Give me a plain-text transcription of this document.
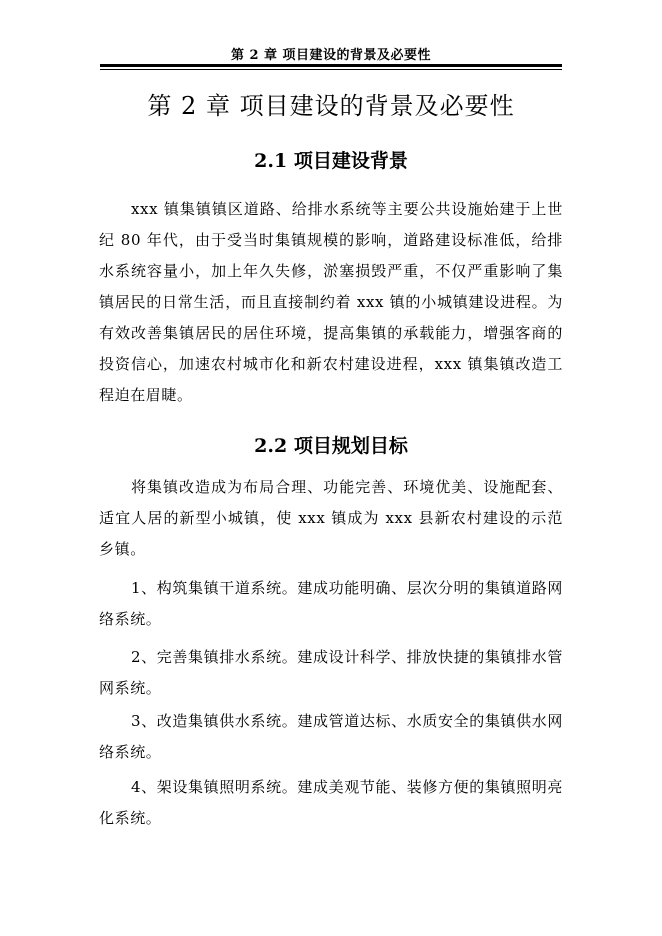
第 2 章 项目建设的背景及必要性
第 2 章 项目建设的背景及必要性
2.1 项目建设背景

xxx 镇集镇镇区道路、给排水系统等主要公共设施始建于上世纪 80 年代，由于受当时集镇规模的影响，道路建设标准低，给排水系统容量小，加上年久失修，淤塞损毁严重，不仅严重影响了集镇居民的日常生活，而且直接制约着 xxx 镇的小城镇建设进程。为有效改善集镇居民的居住环境，提高集镇的承载能力，增强客商的投资信心，加速农村城市化和新农村建设进程，xxx 镇集镇改造工程迫在眉睫。

2.2 项目规划目标

将集镇改造成为布局合理、功能完善、环境优美、设施配套、适宜人居的新型小城镇，使 xxx 镇成为 xxx 县新农村建设的示范乡镇。

1、构筑集镇干道系统。建成功能明确、层次分明的集镇道路网络系统。

2、完善集镇排水系统。建成设计科学、排放快捷的集镇排水管网系统。

3、改造集镇供水系统。建成管道达标、水质安全的集镇供水网络系统。

4、架设集镇照明系统。建成美观节能、装修方便的集镇照明亮化系统。
